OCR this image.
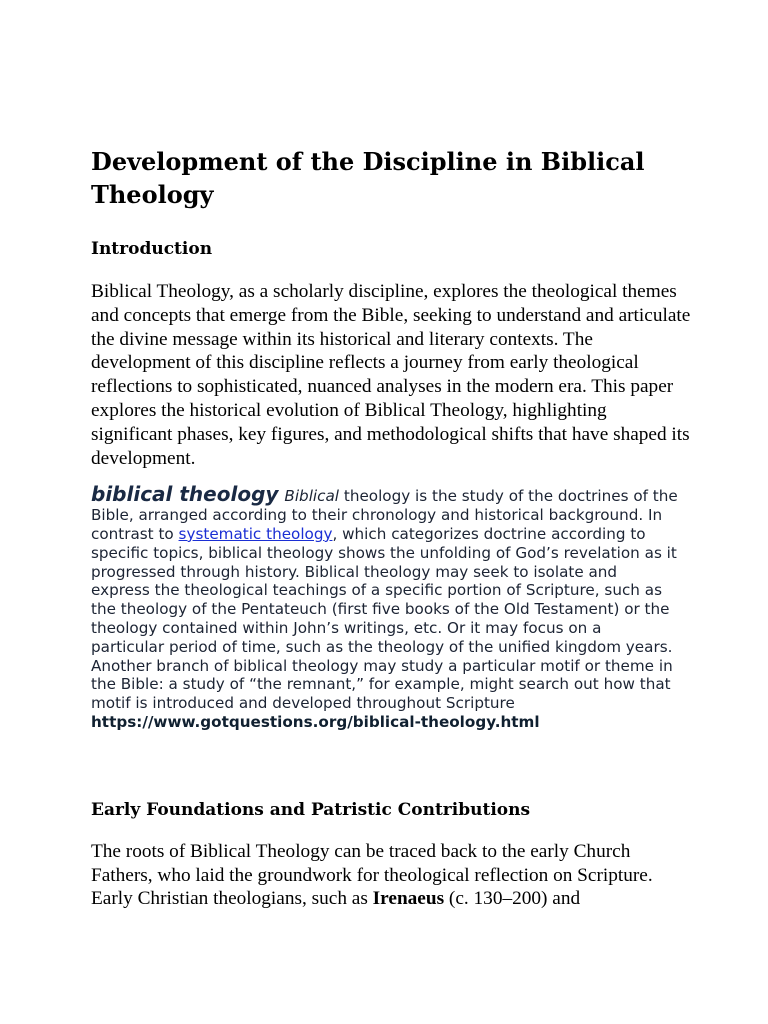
Development of the Discipline in Biblical Theology
Introduction

Biblical Theology, as a scholarly discipline, explores the theological themes and concepts that emerge from the Bible, seeking to understand and articulate the divine message within its historical and literary contexts. The development of this discipline reflects a journey from early theological reflections to sophisticated, nuanced analyses in the modern era. This paper explores the historical evolution of Biblical Theology, highlighting significant phases, key figures, and methodological shifts that have shaped its development.

biblical theology Biblical theology is the study of the doctrines of the Bible, arranged according to their chronology and historical background. In contrast to systematic theology, which categorizes doctrine according to specific topics, biblical theology shows the unfolding of God’s revelation as it progressed through history. Biblical theology may seek to isolate and express the theological teachings of a specific portion of Scripture, such as the theology of the Pentateuch (first five books of the Old Testament) or the theology contained within John’s writings, etc. Or it may focus on a particular period of time, such as the theology of the unified kingdom years. Another branch of biblical theology may study a particular motif or theme in the Bible: a study of “the remnant,” for example, might search out how that motif is introduced and developed throughout Scripture https://www.gotquestions.org/biblical-theology.html
Early Foundations and Patristic Contributions

The roots of Biblical Theology can be traced back to the early Church Fathers, who laid the groundwork for theological reflection on Scripture. Early Christian theologians, such as Irenaeus (c. 130–200) and
